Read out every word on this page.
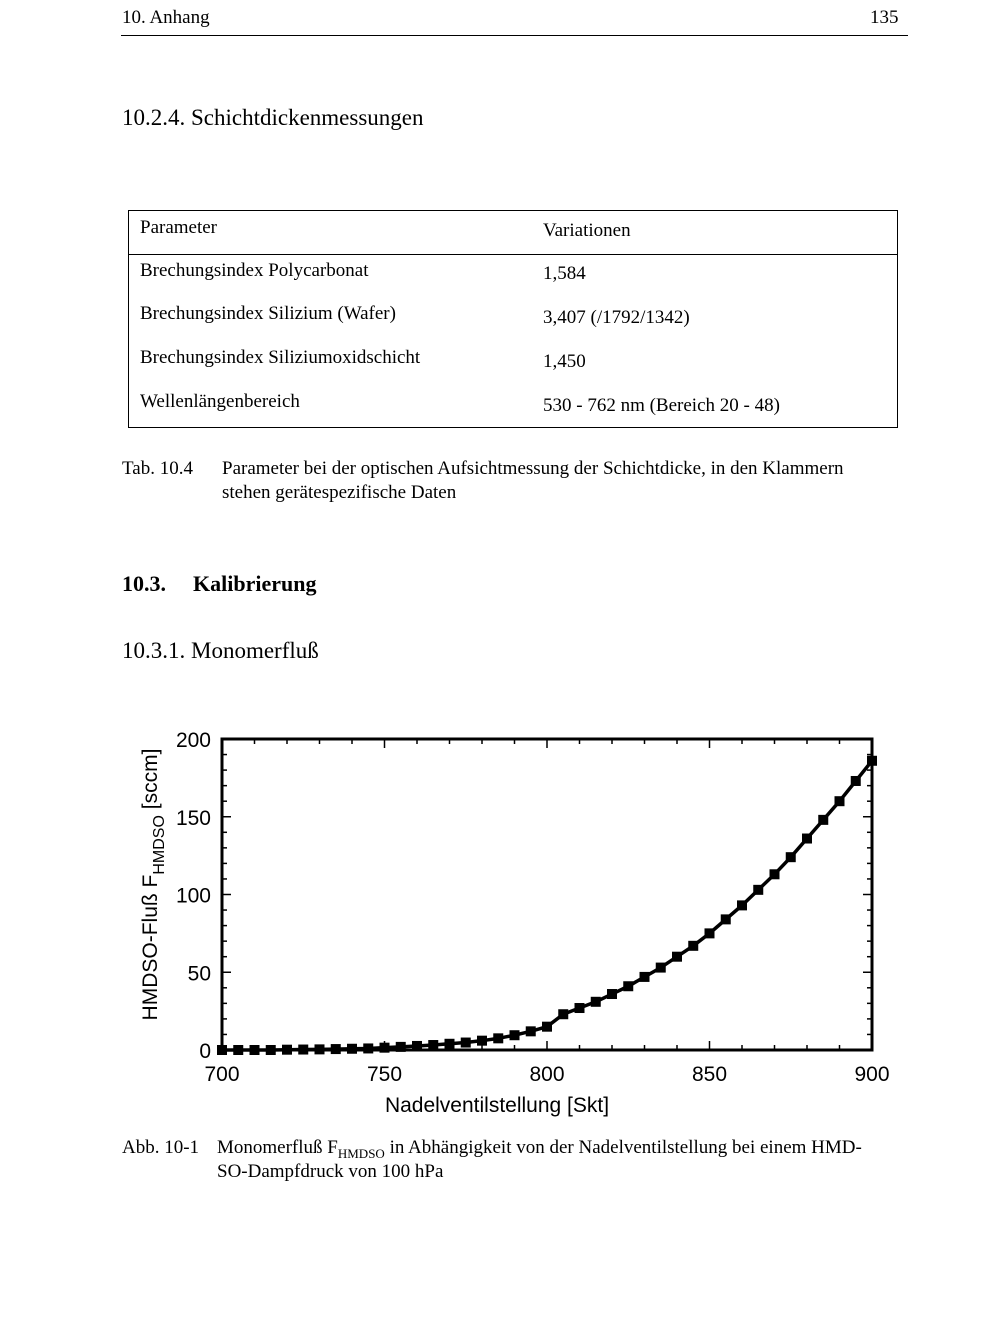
10. Anhang	135
10.2.4. Schichtdickenmessungen
Parameter	Variationen
Brechungsindex Polycarbonat	1,584
Brechungsindex Silizium (Wafer)	3,407 (/1792/1342)
Brechungsindex Siliziumoxidschicht	1,450
Wellenlängenbereich	530 - 762 nm (Bereich 20 - 48)
Tab. 10.4 Parameter bei der optischen Aufsichtmessung der Schichtdicke, in den Klammern
stehen gerätespezifische Daten
10.3. Kalibrierung
10.3.1. Monomerfluß
700	750	800	850	900
0
50
100
150
200
Nadelventilstellung [Skt]
HMDSO-Fluß $F_{HMDSO}$ [sccm]
Abb. 10-1 Monomerfluß $F_{HMDSO}$ in Abhängigkeit von der Nadelventilstellung bei einem HMD-
SO-Dampfdruck von 100 hPa
